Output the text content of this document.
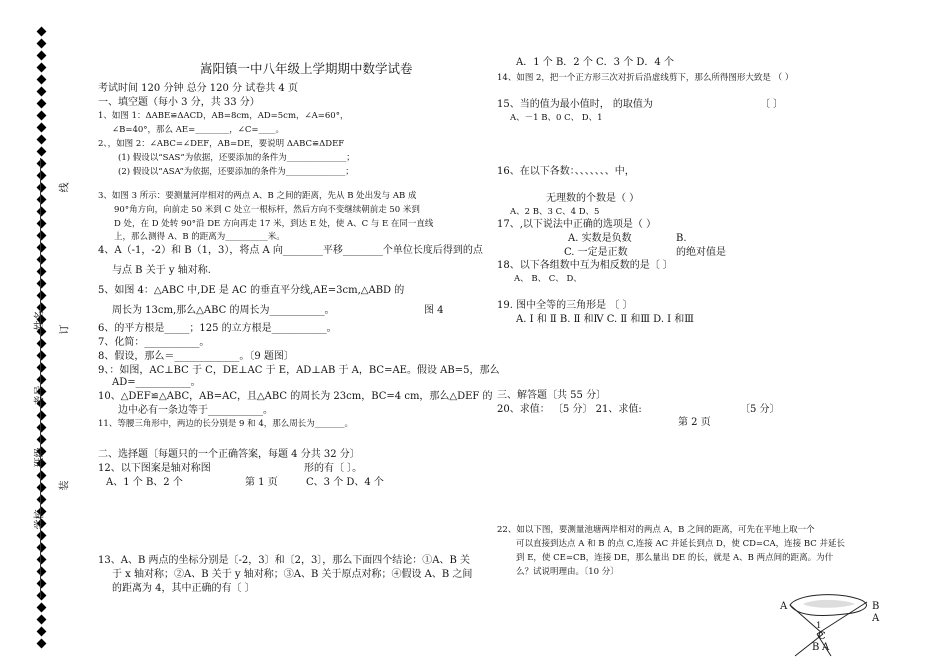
学校
班级
考号
姓名
装
订
线
嵩阳镇一中八年级上学期期中数学试卷
考试时间 120 分钟 总分 120 分 试卷共 4 页
一、填空题（每小 3 分，共 33 分）
1、如图 1：ΔABE≌ΔACD，AB=8cm，AD=5cm，∠A=60°，
∠B=40°，那么 AE=________，∠C=____。
2、，如图 2：∠ABC=∠DEF，AB=DE，要说明 ΔABC≌ΔDEF
(1) 假设以“SAS”为依据，还要添加的条件为______________；
(2) 假设以“ASA”为依据，还要添加的条件为______________；
3、如图 3 所示：要测量河岸相对的两点 A、B 之间的距离，先从 B 处出发与 AB 成
90°角方向，向前走 50 米到 C 处立一根标杆，然后方向不变继续朝前走 50 米到
D 处，在 D 处转 90°沿 DE 方向再走 17 米，到达 E 处，使 A、C 与 E 在同一直线
上，那么测得 A、B 的距离为__________米。
4、A（-1，-2）和 B（1，3），将点 A 向________平移________个单位长度后得到的点
与点 B 关于 y 轴对称.
5、如图 4：△ABC 中,DE 是 AC 的垂直平分线,AE=3cm,△ABD 的
周长为 13cm,那么△ABC 的周长为___________。	图 4
6、的平方根是_____；125 的立方根是___________。
7、化简：___________。
8、假设，那么＝_____________。〔9 题图〕
9、：如图，AC⊥BC 于 C，DE⊥AC 于 E，AD⊥AB 于 A，BC=AE。假设 AB=5，那么
AD=___________。
10、△DEF≌△ABC，AB=AC，且△ABC 的周长为 23cm，BC=4 cm，那么△DEF 的
边中必有一条边等于___________。
11、等腰三角形中，两边的长分别是 9 和 4，那么周长为_______。
二、选择题〔每题只的一个正确答案，每题 4 分共 32 分〕
12、以下图案是轴对称图	形的有〔 〕。
A、1 个 B、2 个	第 1 页	C、3 个 D、4 个
13、A、B 两点的坐标分别是〔-2，3〕和〔2，3〕，那么下面四个结论：①A、B 关
于 x 轴对称；②A、B 关于 y 轴对称；③A、B 关于原点对称；④假设 A、B 之间
的距离为 4，其中正确的有〔 〕
A．1 个 B．2 个 C．3 个 D．4 个
14、如图 2，把一个正方形三次对折后沿虚线剪下，那么所得图形大致是 （ ）
15、当的值为最小值时， 的取值为	〔 〕
A、－1 B、0 C、 D、1
16、在以下各数：、、、、、、、中，
无理数的个数是（ ）
A、2 B、3 C、4 D、5
17、,以下说法中正确的选项是（ ）
A. 实数是负数	B.
C. 一定是正数	的绝对值是
18、以下各组数中互为相反数的是〔 〕
A、 B、 C、 D、
19. 图中全等的三角形是 〔 〕
A. Ⅰ 和 Ⅱ B. Ⅱ 和Ⅳ C. Ⅱ 和Ⅲ D. Ⅰ 和Ⅲ
三、解答题〔共 55 分〕
20、求值： 〔5 分〕 21、求值:	〔5 分〕
第 2 页
22、如以下图，要测量池塘两岸相对的两点 A，B 之间的距离，可先在平地上取一个
可以直接到达点 A 和 B 的点 C,连接 AC 并延长到点 D，使 CD=CA，连接 BC 并延长
到 E，使 CE=CB，连接 DE，那么量出 DE 的长，就是 A、B 两点间的距离。为什
么？试说明理由。〔10 分〕
A	B
A
1
C
B A
